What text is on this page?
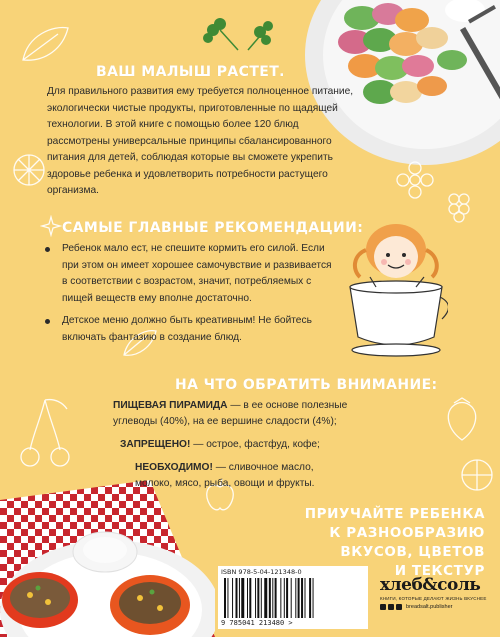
ВАШ МАЛЫШ РАСТЕТ.
Для правильного развития ему требуется полноценное питание, экологически чистые продукты, приготовленные по щадящей технологии. В этой книге с помощью более 120 блюд рассмотрены универсальные принципы сбалансированного питания для детей, соблюдая которые вы сможете укрепить здоровье ребенка и удовлетворить потребности растущего организма.
САМЫЕ ГЛАВНЫЕ РЕКОМЕНДАЦИИ:
Ребенок мало ест, не спешите кормить его силой. Если при этом он имеет хорошее самочувствие и развивается в соответствии с возрастом, значит, потребляемых с пищей веществ ему вполне достаточно.
Детское меню должно быть креативным! Не бойтесь включать фантазию в создание блюд.
НА ЧТО ОБРАТИТЬ ВНИМАНИЕ:
ПИЩЕВАЯ ПИРАМИДА — в ее основе полезные углеводы (40%), на ее вершине сладости (4%);
ЗАПРЕЩЕНО! — острое, фастфуд, кофе;
НЕОБХОДИМО! — сливочное масло, молоко, мясо, рыба, овощи и фрукты.
ПРИУЧАЙТЕ РЕБЕНКА
К РАЗНООБРАЗИЮ ВКУСОВ, ЦВЕТОВ
И ТЕКСТУР
ISBN 978-5-04-121348-0
9 785041 213480 >
хлеб&соль
КНИГИ, КОТОРЫЕ ДЕЛАЮТ ЖИЗНЬ ВКУСНЕЕ
breadsalt.publisher
